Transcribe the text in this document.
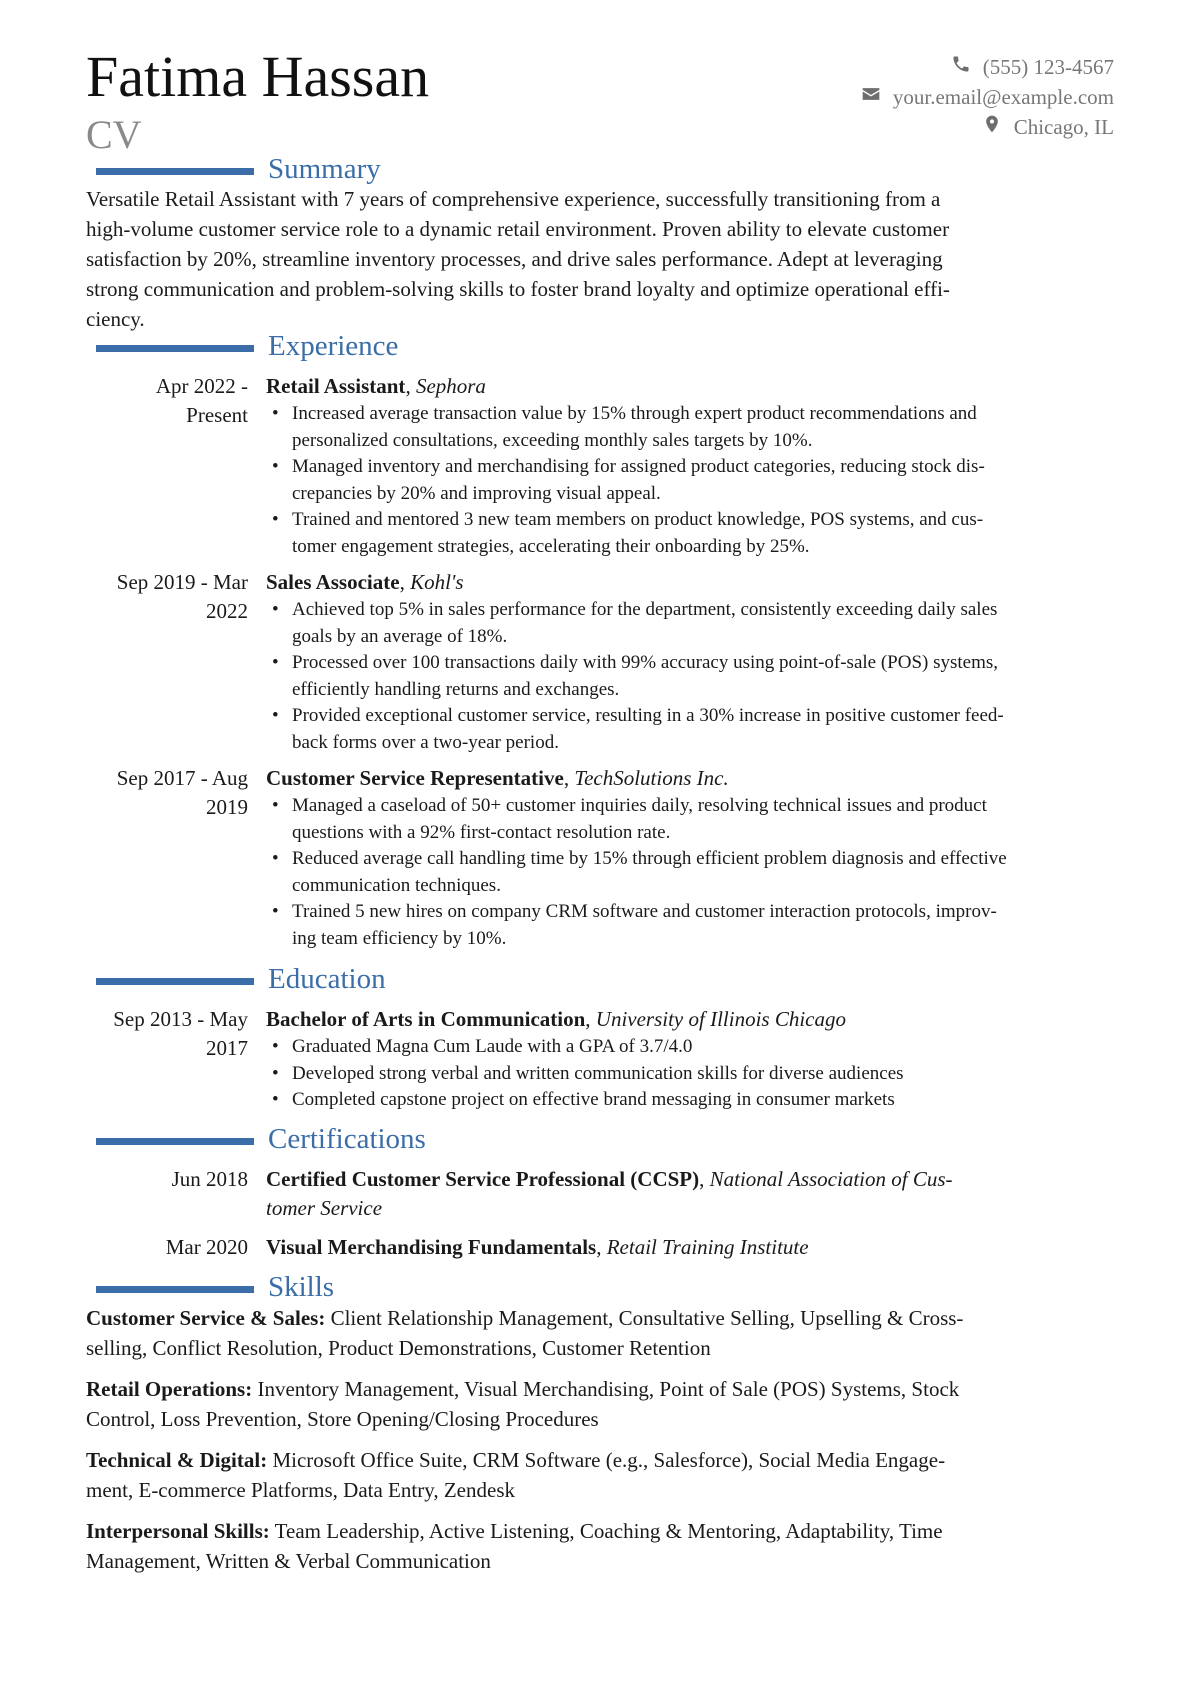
Fatima Hassan
CV
(555) 123-4567
your.email@example.com
Chicago, IL
Summary
Versatile Retail Assistant with 7 years of comprehensive experience, successfully transitioning from a
high-volume customer service role to a dynamic retail environment. Proven ability to elevate customer
satisfaction by 20%, streamline inventory processes, and drive sales performance. Adept at leveraging
strong communication and problem-solving skills to foster brand loyalty and optimize operational effi-
ciency.
Experience
Apr 2022 -
Present
Retail Assistant, Sephora
• Increased average transaction value by 15% through expert product recommendations and
personalized consultations, exceeding monthly sales targets by 10%.
• Managed inventory and merchandising for assigned product categories, reducing stock dis-
crepancies by 20% and improving visual appeal.
• Trained and mentored 3 new team members on product knowledge, POS systems, and cus-
tomer engagement strategies, accelerating their onboarding by 25%.
Sep 2019 - Mar
2022
Sales Associate, Kohl's
• Achieved top 5% in sales performance for the department, consistently exceeding daily sales
goals by an average of 18%.
• Processed over 100 transactions daily with 99% accuracy using point-of-sale (POS) systems,
efficiently handling returns and exchanges.
• Provided exceptional customer service, resulting in a 30% increase in positive customer feed-
back forms over a two-year period.
Sep 2017 - Aug
2019
Customer Service Representative, TechSolutions Inc.
• Managed a caseload of 50+ customer inquiries daily, resolving technical issues and product
questions with a 92% first-contact resolution rate.
• Reduced average call handling time by 15% through efficient problem diagnosis and effective
communication techniques.
• Trained 5 new hires on company CRM software and customer interaction protocols, improv-
ing team efficiency by 10%.
Education
Sep 2013 - May
2017
Bachelor of Arts in Communication, University of Illinois Chicago
• Graduated Magna Cum Laude with a GPA of 3.7/4.0
• Developed strong verbal and written communication skills for diverse audiences
• Completed capstone project on effective brand messaging in consumer markets
Certifications
Jun 2018 Certified Customer Service Professional (CCSP), National Association of Cus-
tomer Service
Mar 2020 Visual Merchandising Fundamentals, Retail Training Institute
Skills
Customer Service & Sales: Client Relationship Management, Consultative Selling, Upselling & Cross-
selling, Conflict Resolution, Product Demonstrations, Customer Retention
Retail Operations: Inventory Management, Visual Merchandising, Point of Sale (POS) Systems, Stock
Control, Loss Prevention, Store Opening/Closing Procedures
Technical & Digital: Microsoft Office Suite, CRM Software (e.g., Salesforce), Social Media Engage-
ment, E-commerce Platforms, Data Entry, Zendesk
Interpersonal Skills: Team Leadership, Active Listening, Coaching & Mentoring, Adaptability, Time
Management, Written & Verbal Communication
